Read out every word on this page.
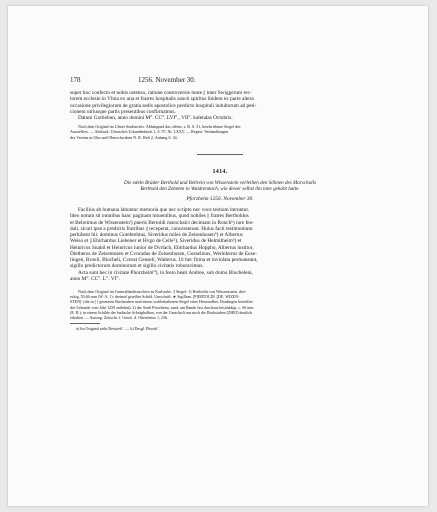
178	1256. November 30.
super hoc confecto et nobis ostenso, ratione controversie mote || inter Swiggerum rec-
torem ecclesie in Vlma ex una et fratres hospitalis sancti spiritus ibidem ex parte altera
occasione privilegiorum de gratia sedis apostolice predicto hospitali indultorum ad peti-
cionem utriusque partis presentibus confirmamus.
Datum Gotliebun, anno domini M°. CC°. LVI°., VII°. kalendas Octobris.
Nach dem Original im Ulmer Stadtarchiv. Abhängend das offene, s. B. S. 31, beschriebene Siegel des
Ausstellers. — Abdruck: Ulmisches Urkundenbuch 1, S. 97, Nr. LXXV. — Regest: Verhandlungen
des Vereins in Ulm und Oberschwaben N. R. Heft 2, Anhang S. 34.
1414.
Die edeln Brüder Berthold und Beltrein von Wissenstein verleihen den Söhnen des Marschalls
Berthold den Zehnten in Waldrennach, wie dieser selbst ihn inne gehabt hatte.
Pforzheim 1256. November 30.
Facilius ab humana labuntur memoria que nec scripto nec voce testium iteruntur.
Ideo notum sit omnibus hanc paginam intuentibus, quod nobiles || fratres Bertholdus
et Belreimus de Wissensteinⁱ) pueris Bertoldi marschalci decimam in Ronchᵇ) iure feo-
dali, sicuti ipse a predictis fratribus || receperat, concesserunt. Huius facti testimonium
perhibent hii: dominus Gotebrehtus, Siveridus miles de Zeisenhusen⁴) et Albertus
Weiso et || Ebirhardus Liebener et Hvgo de Celle⁵), Siveridus de Helmitheim⁶) et
Heinricus Snabil et Heinricus iunior de Dvrlach, Ebirhardus Hoppho, Albertus institor,
Dietherus de Zeisentusen et Cvnradus de Zeisenhusen, Gosselinus, Werinherus de Euse-
lingen, Rvseli, Blocheli, Cvnrat Genseli, Walterus. Ut hec firma et inviolata permaneant,
sigillo predictorum dominorum et sigillo civitatis roboravimus.
Acta sunt hec in civitate Phorzheim⁰), in festo beati Andree, sub domo Blocheleni,
anno M°. CC°. L°. VI°.
Nach dem Original im Generallandesarchive zu Karlsruhe. 2 Siegel: 1) Bertholds von Weissenstein, drei-
eckig, 55,66 mm (W. A. 1): dreimal geteilter Schild. Umschrift: ★ Sigillum. [P]ERTOLDI .[DE. WIZEN-
STEN]. (die in [ ] gesetzten Buchstaben sind einem wohlerhaltenen Siegel einer Herrenalber, Dordingen betreffen-
des Urkunde vom Jahr 1259 entlehnt); 2) der Stadt Pforzheim, rund, am Rande fast durchaus beschädigt, c. 60 mm
(E. B.): in einem Schilde der badische Schrägbalken, von der Umschrift nur noch die Buchstaben [ZHEI] deutlich
erhalten. — Auszug: Zeitschr. f. Gesch. d. Oberrheins 1, 236.
a) Im Original steht Beissteh’. — b) Desgl. Phorzh’.
